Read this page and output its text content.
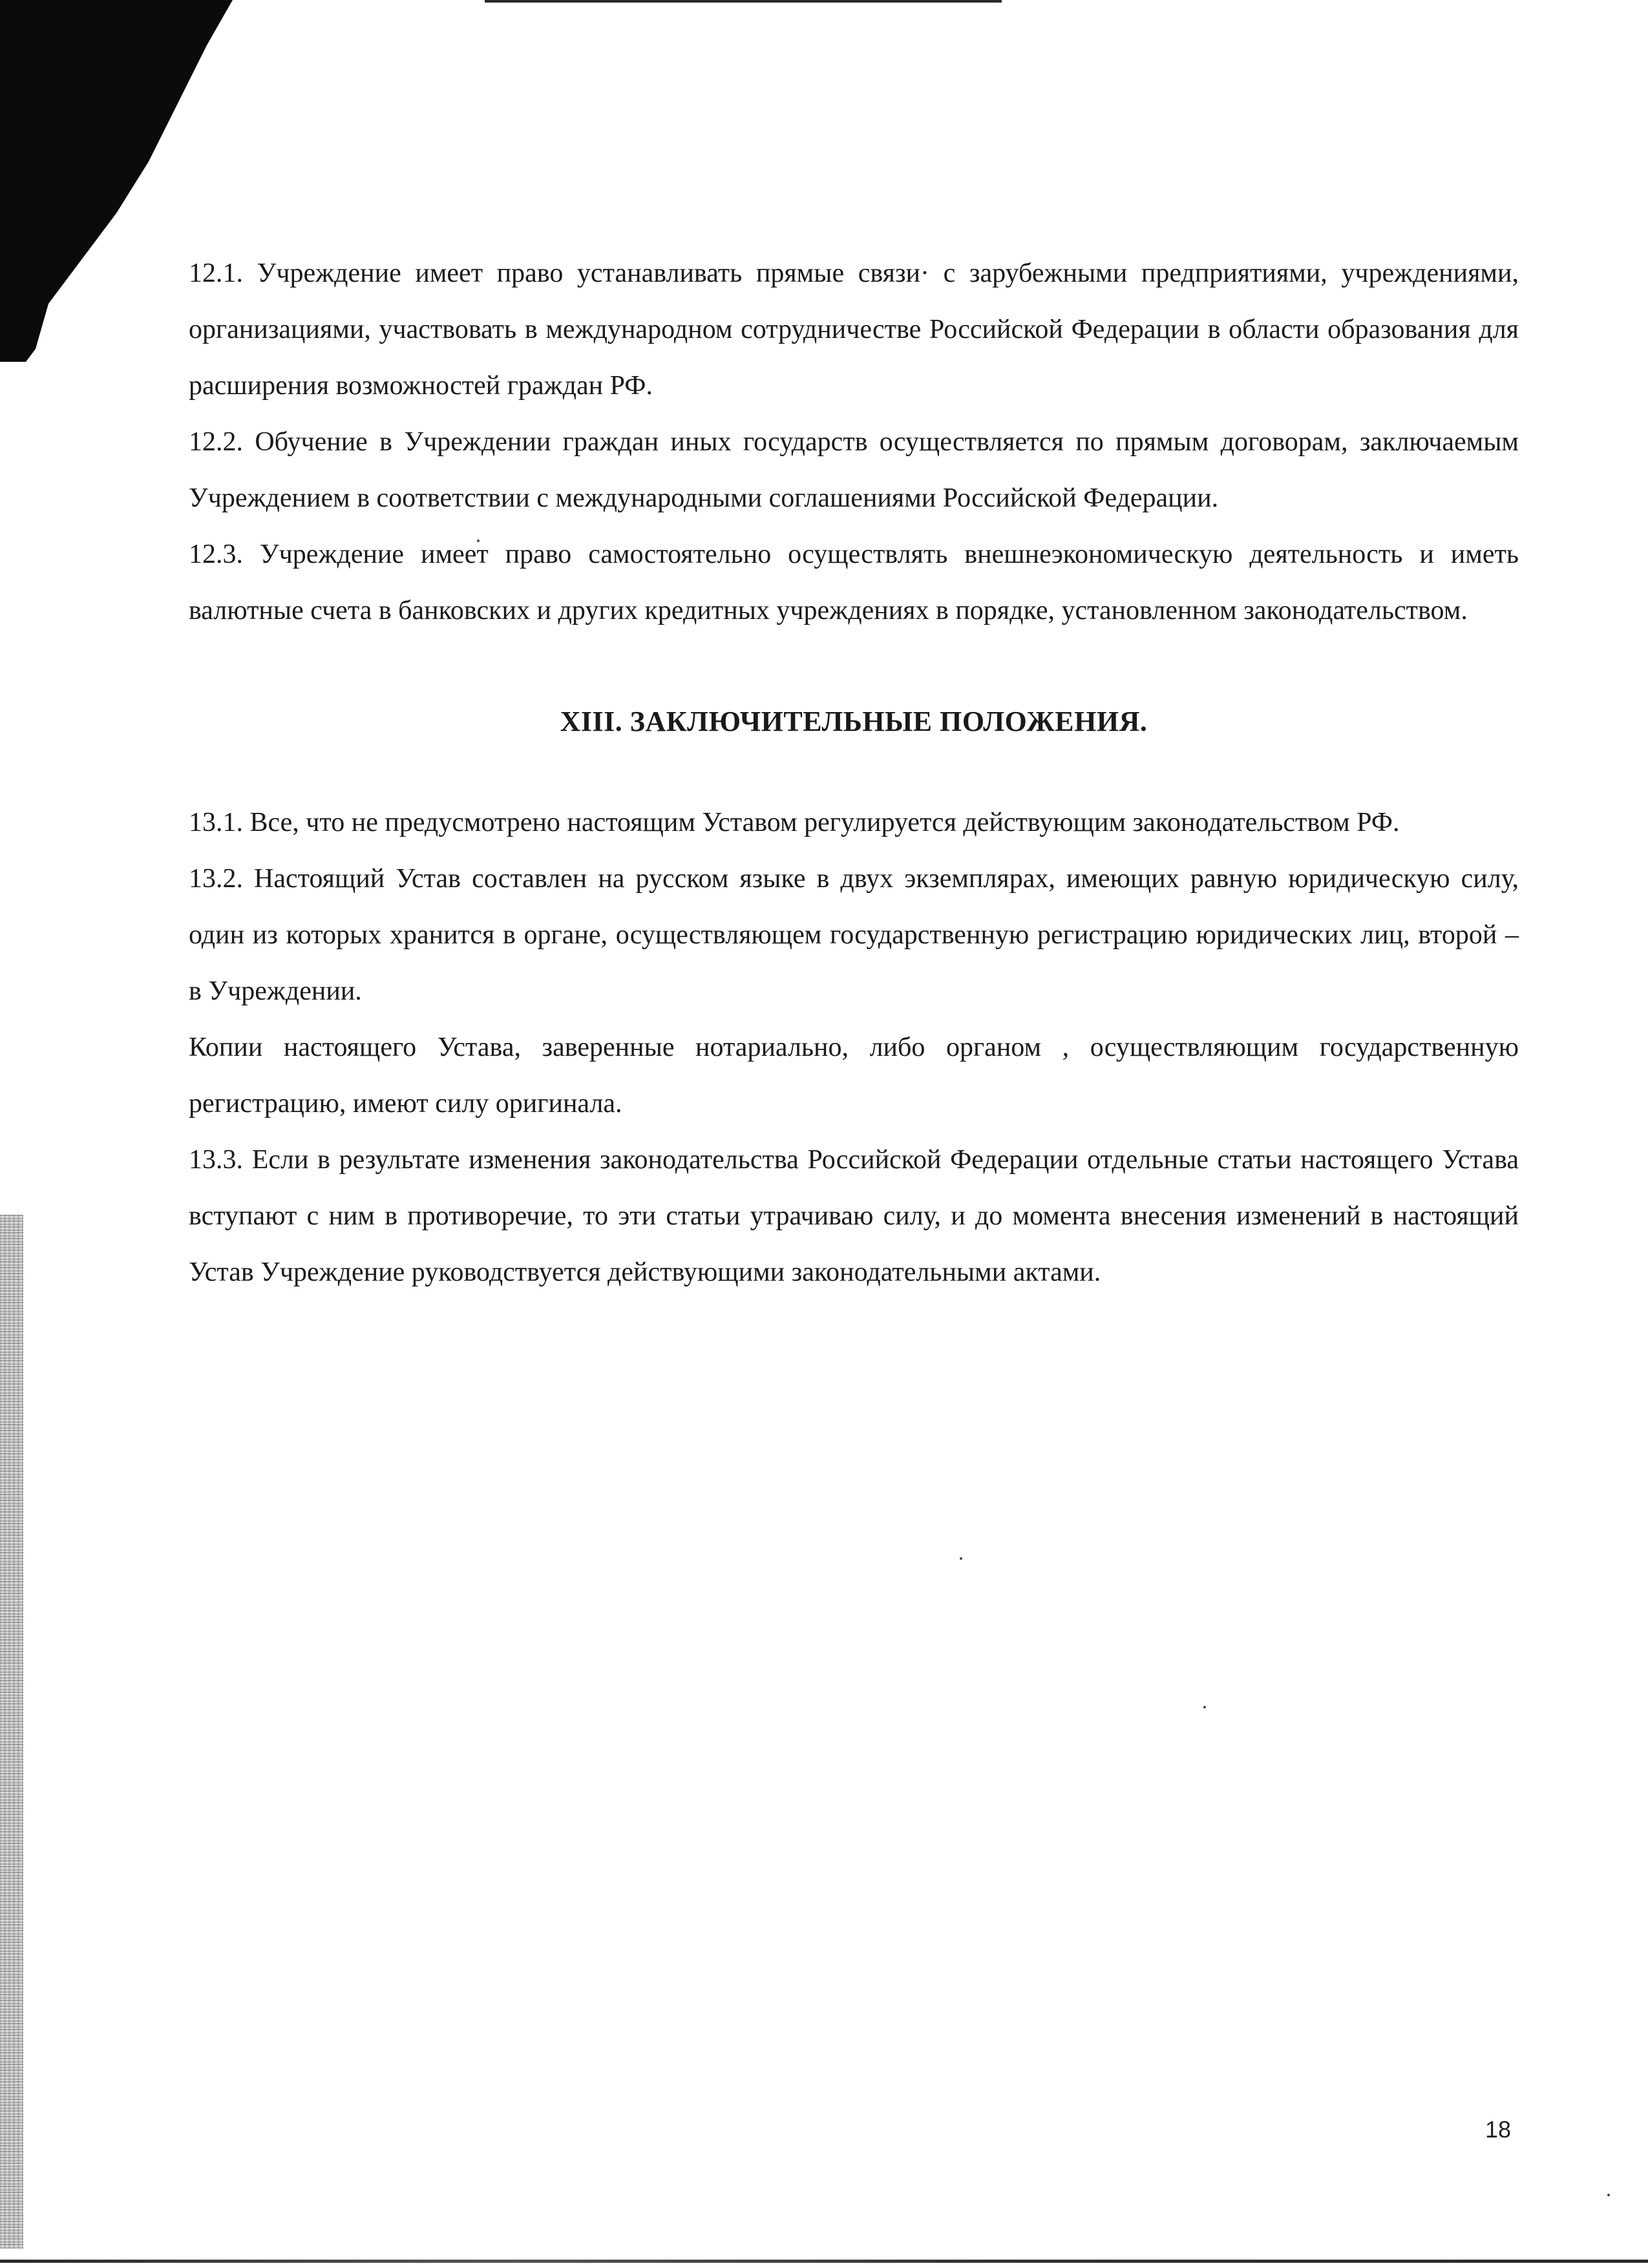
12.1. Учреждение имеет право устанавливать прямые связи· с зарубежными предприятиями, учреждениями, организациями, участвовать в международном сотрудничестве Российской Федерации в области образования для расширения возможностей граждан РФ.

12.2. Обучение в Учреждении граждан иных государств осуществляется по прямым договорам, заключаемым Учреждением в соответствии с международными соглашениями Российской Федерации.

12.3. Учреждение имеет право самостоятельно осуществлять внешнеэкономическую деятельность и иметь валютные счета в банковских и других кредитных учреждениях в порядке, установленном законодательством.

XIII. ЗАКЛЮЧИТЕЛЬНЫЕ ПОЛОЖЕНИЯ.

13.1. Все, что не предусмотрено настоящим Уставом регулируется действующим законодательством РФ.

13.2. Настоящий Устав составлен на русском языке в двух экземплярах, имеющих равную юридическую силу, один из которых хранится в органе, осуществляющем государственную регистрацию юридических лиц, второй – в Учреждении.

Копии настоящего Устава, заверенные нотариально, либо органом , осуществляющим государственную регистрацию, имеют силу оригинала.

13.3. Если в результате изменения законодательства Российской Федерации отдельные статьи настоящего Устава вступают с ним в противоречие, то эти статьи утрачиваю силу, и до момента внесения изменений в настоящий Устав Учреждение руководствуется действующими законодательными актами.

18
